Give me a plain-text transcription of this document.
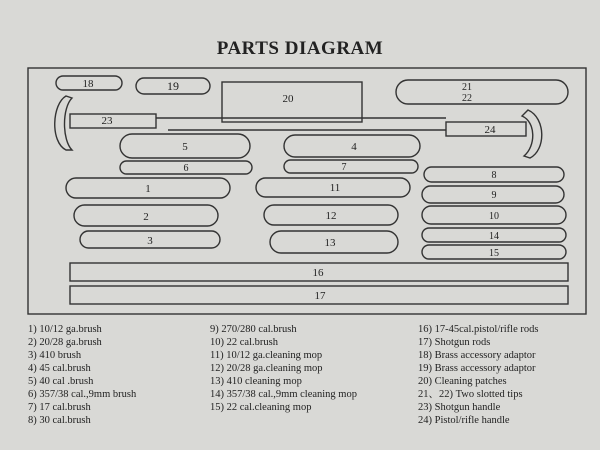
PARTS DIAGRAM
18	19
20
21
22
23
24
5
6
1
2
3
4
7
11
12
13
8
9
10
14
15
16
17
1) 10/12 ga.brush
2) 20/28 ga.brush
3) 410 brush
4) 45 cal.brush
5) 40 cal .brush
6) 357/38 cal.,9mm brush
7) 17 cal.brush
8) 30 cal.brush
9) 270/280 cal.brush
10) 22 cal.brush
11) 10/12 ga.cleaning mop
12) 20/28 ga.cleaning mop
13) 410 cleaning mop
14) 357/38 cal.,9mm cleaning mop
15) 22 cal.cleaning mop
16) 17-45cal.pistol/rifle rods
17) Shotgun rods
18) Brass accessory adaptor
19) Brass accessory adaptor
20) Cleaning patches
21、22) Two slotted tips
23) Shotgun handle
24) Pistol/rifle handle
